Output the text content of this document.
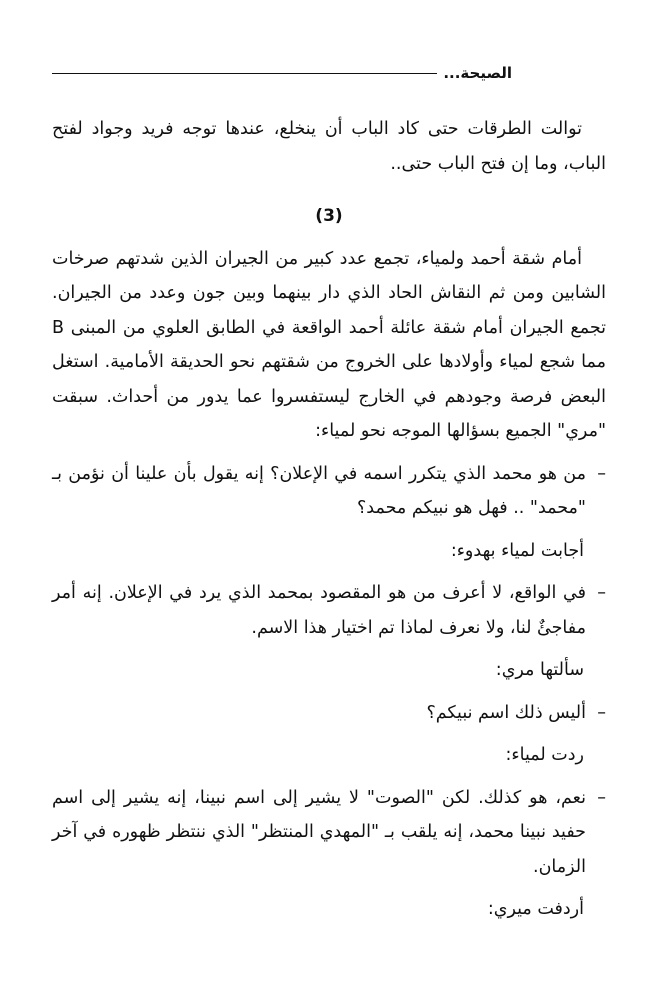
الصيحة...

توالت الطرقات حتى كاد الباب أن ينخلع، عندها توجه فريد وجواد لفتح الباب، وما إن فتح الباب حتى..

(3)

أمام شقة أحمد ولمياء، تجمع عدد كبير من الجيران الذين شدتهم صرخات الشابين ومن ثم النقاش الحاد الذي دار بينهما وبين جون وعدد من الجيران. تجمع الجيران أمام شقة عائلة أحمد الواقعة في الطابق العلوي من المبنى B مما شجع لمياء وأولادها على الخروج من شقتهم نحو الحديقة الأمامية. استغل البعض فرصة وجودهم في الخارج ليستفسروا عما يدور من أحداث. سبقت "مري" الجميع بسؤالها الموجه نحو لمياء:

–
من هو محمد الذي يتكرر اسمه في الإعلان؟ إنه يقول بأن علينا أن نؤمن بـ "محمد" .. فهل هو نبيكم محمد؟

أجابت لمياء بهدوء:

–
في الواقع، لا أعرف من هو المقصود بمحمد الذي يرد في الإعلان. إنه أمر مفاجئٌ لنا، ولا نعرف لماذا تم اختيار هذا الاسم.

سألتها مري:

–
أليس ذلك اسم نبيكم؟

ردت لمياء:

–
نعم، هو كذلك. لكن "الصوت" لا يشير إلى اسم نبينا، إنه يشير إلى اسم حفيد نبينا محمد، إنه يلقب بـ "المهدي المنتظر" الذي ننتظر ظهوره في آخر الزمان.

أردفت ميري:
